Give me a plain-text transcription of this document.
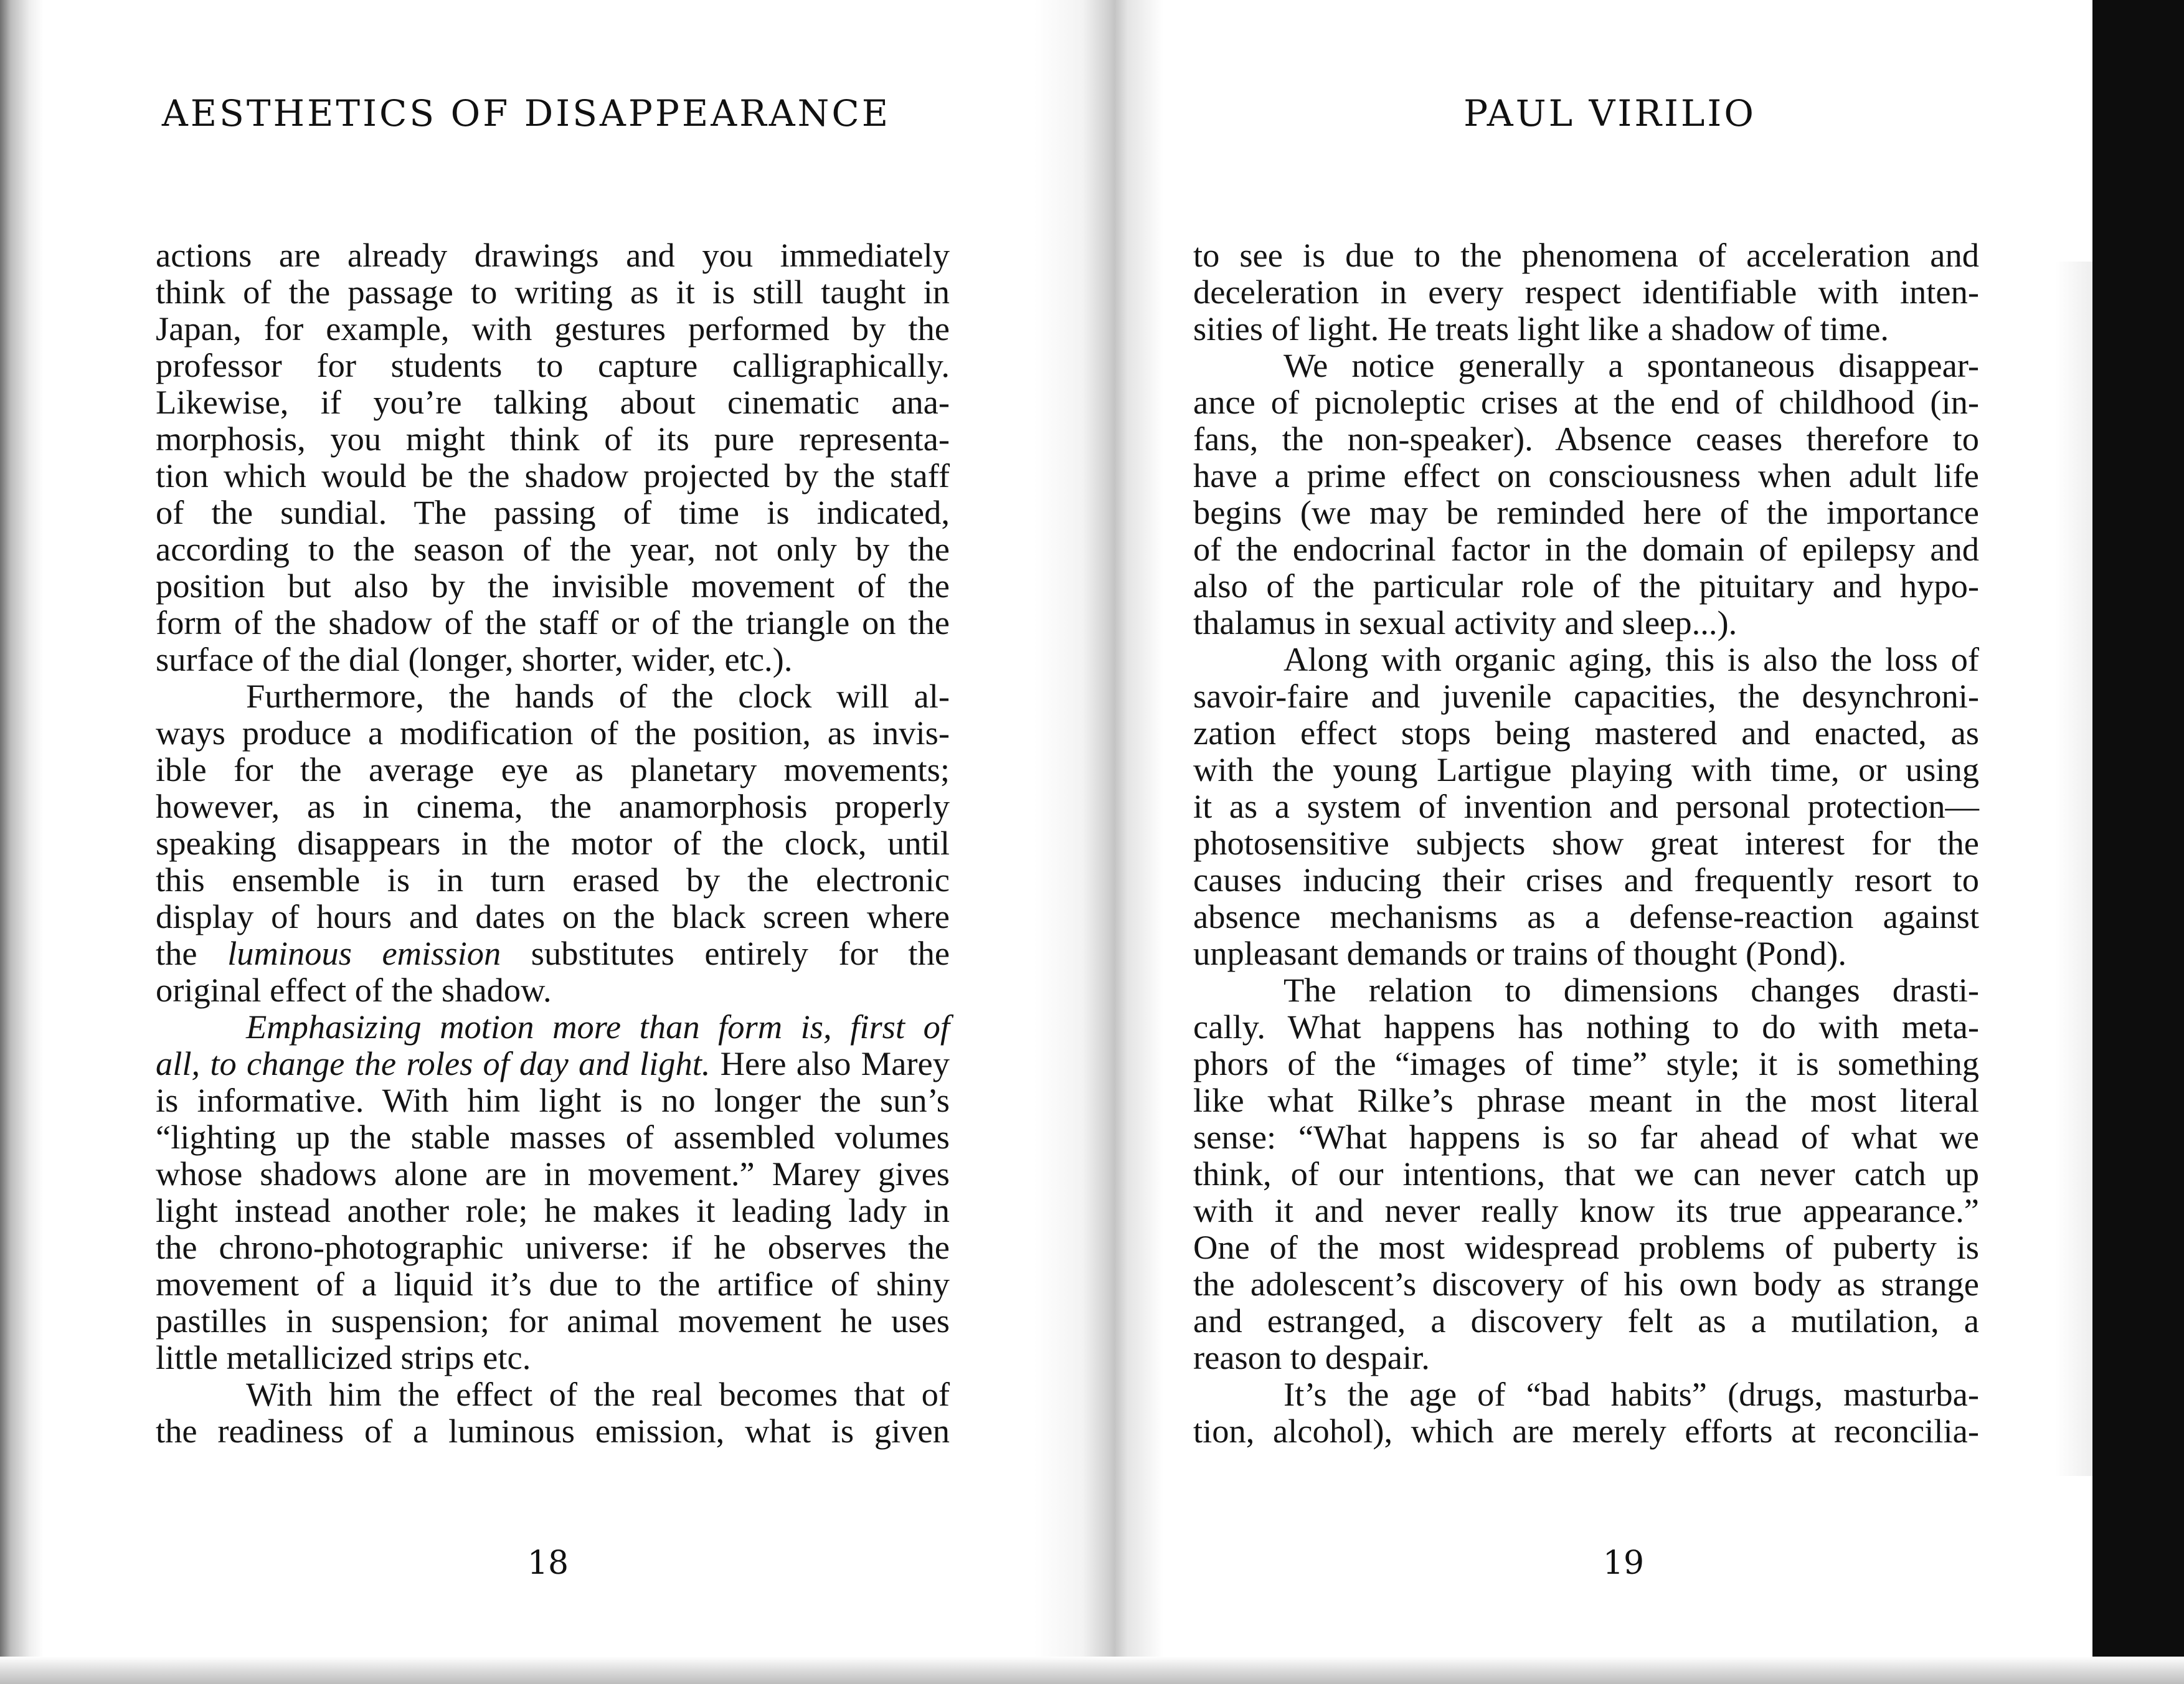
AESTHETICS OF DISAPPEARANCE
actions are already drawings and you immediately
think of the passage to writing as it is still taught in
Japan, for example, with gestures performed by the
professor for students to capture calligraphically.
Likewise, if you’re talking about cinematic ana-
morphosis, you might think of its pure representa-
tion which would be the shadow projected by the staff
of the sundial. The passing of time is indicated,
according to the season of the year, not only by the
position but also by the invisible movement of the
form of the shadow of the staff or of the triangle on the
surface of the dial (longer, shorter, wider, etc.).
Furthermore, the hands of the clock will al-
ways produce a modification of the position, as invis-
ible for the average eye as planetary movements;
however, as in cinema, the anamorphosis properly
speaking disappears in the motor of the clock, until
this ensemble is in turn erased by the electronic
display of hours and dates on the black screen where
the luminous emission substitutes entirely for the
original effect of the shadow.
Emphasizing motion more than form is, first of
all, to change the roles of day and light. Here also Marey
is informative. With him light is no longer the sun’s
“lighting up the stable masses of assembled volumes
whose shadows alone are in movement.” Marey gives
light instead another role; he makes it leading lady in
the chrono-photographic universe: if he observes the
movement of a liquid it’s due to the artifice of shiny
pastilles in suspension; for animal movement he uses
little metallicized strips etc.
With him the effect of the real becomes that of
the readiness of a luminous emission, what is given
18
PAUL VIRILIO
to see is due to the phenomena of acceleration and
deceleration in every respect identifiable with inten-
sities of light. He treats light like a shadow of time.
We notice generally a spontaneous disappear-
ance of picnoleptic crises at the end of childhood (in-
fans, the non-speaker). Absence ceases therefore to
have a prime effect on consciousness when adult life
begins (we may be reminded here of the importance
of the endocrinal factor in the domain of epilepsy and
also of the particular role of the pituitary and hypo-
thalamus in sexual activity and sleep...).
Along with organic aging, this is also the loss of
savoir-faire and juvenile capacities, the desynchroni-
zation effect stops being mastered and enacted, as
with the young Lartigue playing with time, or using
it as a system of invention and personal protection—
photosensitive subjects show great interest for the
causes inducing their crises and frequently resort to
absence mechanisms as a defense-reaction against
unpleasant demands or trains of thought (Pond).
The relation to dimensions changes drasti-
cally. What happens has nothing to do with meta-
phors of the “images of time” style; it is something
like what Rilke’s phrase meant in the most literal
sense: “What happens is so far ahead of what we
think, of our intentions, that we can never catch up
with it and never really know its true appearance.”
One of the most widespread problems of puberty is
the adolescent’s discovery of his own body as strange
and estranged, a discovery felt as a mutilation, a
reason to despair.
It’s the age of “bad habits” (drugs, masturba-
tion, alcohol), which are merely efforts at reconcilia-
19
